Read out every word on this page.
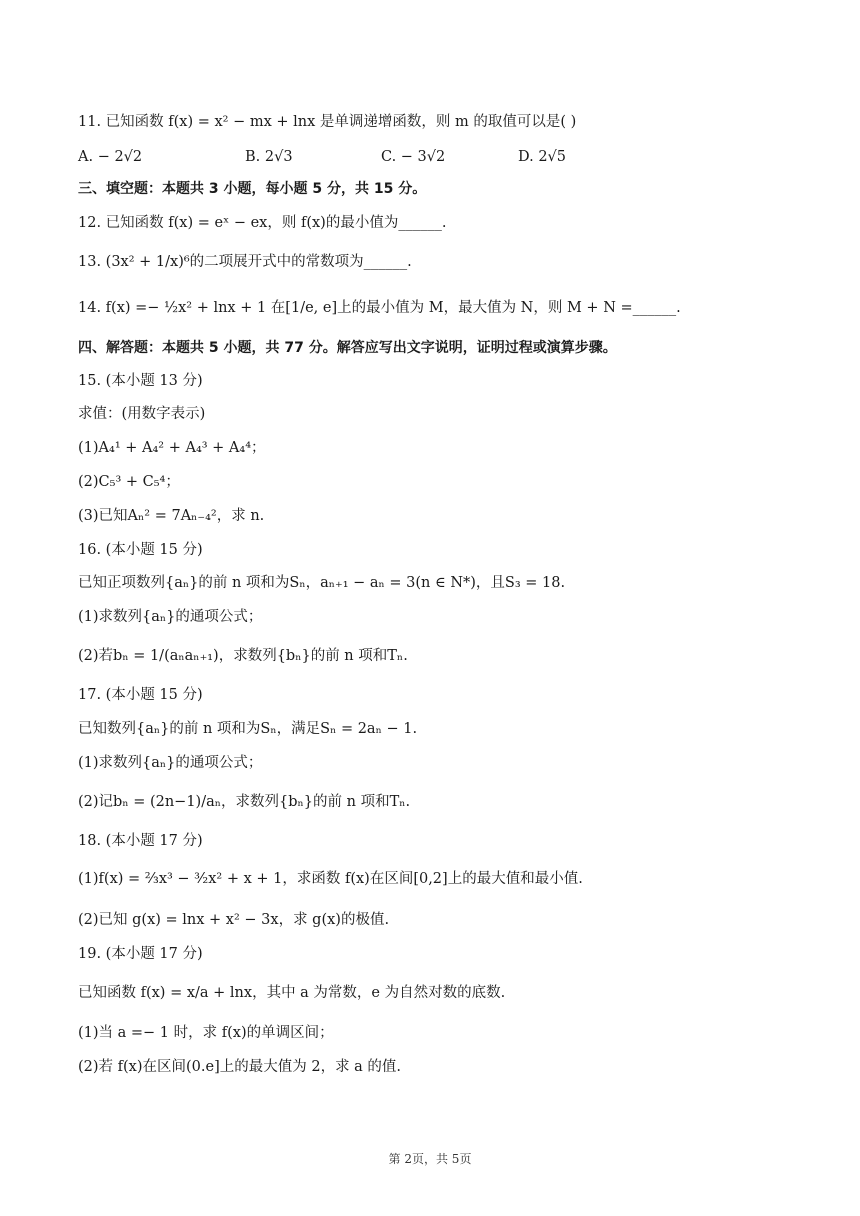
11. 已知函数 f(x) = x² − mx + lnx 是单调递增函数，则 m 的取值可以是( )
A. − 2√2	B. 2√3	C. − 3√2	D. 2√5
三、填空题：本题共 3 小题，每小题 5 分，共 15 分。
12. 已知函数 f(x) = eˣ − ex，则 f(x)的最小值为______.
13. (3x² + 1/x)⁶的二项展开式中的常数项为______.
14. f(x) =− ½x² + lnx + 1 在[1/e, e]上的最小值为 M，最大值为 N，则 M + N =______.
四、解答题：本题共 5 小题，共 77 分。解答应写出文字说明，证明过程或演算步骤。
15. (本小题 13 分)
求值：(用数字表示)
(1)A₄¹ + A₄² + A₄³ + A₄⁴；
(2)C₅³ + C₅⁴；
(3)已知Aₙ² = 7Aₙ₋₄²，求 n.
16. (本小题 15 分)
已知正项数列{aₙ}的前 n 项和为Sₙ，aₙ₊₁ − aₙ = 3(n ∈ N*)，且S₃ = 18.
(1)求数列{aₙ}的通项公式；
(2)若bₙ = 1/(aₙaₙ₊₁)，求数列{bₙ}的前 n 项和Tₙ.
17. (本小题 15 分)
已知数列{aₙ}的前 n 项和为Sₙ，满足Sₙ = 2aₙ − 1.
(1)求数列{aₙ}的通项公式；
(2)记bₙ = (2n−1)/aₙ，求数列{bₙ}的前 n 项和Tₙ.
18. (本小题 17 分)
(1)f(x) = ⅔x³ − ³⁄₂x² + x + 1，求函数 f(x)在区间[0,2]上的最大值和最小值.
(2)已知 g(x) = lnx + x² − 3x，求 g(x)的极值.
19. (本小题 17 分)
已知函数 f(x) = x/a + lnx，其中 a 为常数，e 为自然对数的底数.
(1)当 a =− 1 时，求 f(x)的单调区间；
(2)若 f(x)在区间(0.e]上的最大值为 2，求 a 的值.
第 2页，共 5页
